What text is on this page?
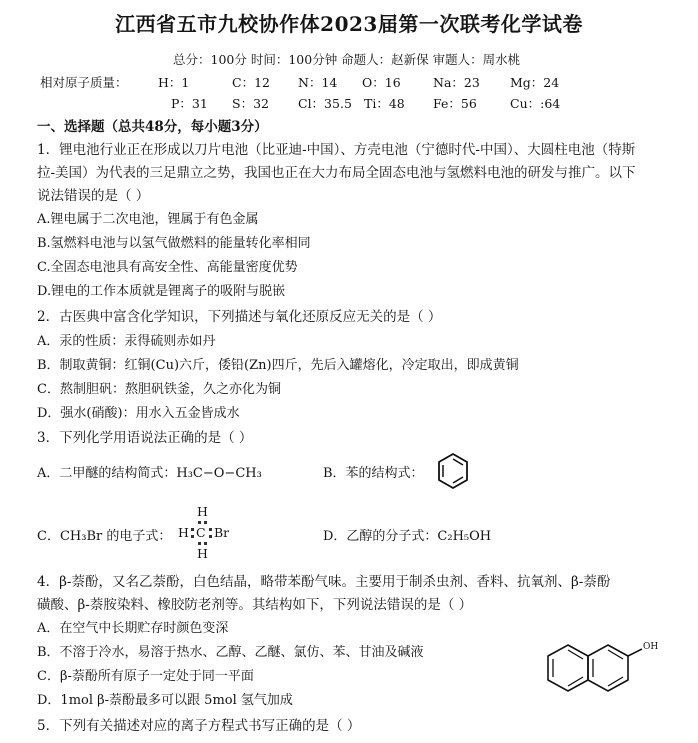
江西省五市九校协作体2023届第一次联考化学试卷
总分：100分 时间：100分钟 命题人：赵新保 审题人：周水桃
相对原子质量： H：1	C：12 N：14 O：16	Na：23 Mg：24
P：31 S：32 Cl：35.5 Ti：48 Fe：56	Cu：:64
一、选择题（总共48分，每小题3分）
1．锂电池行业正在形成以刀片电池（比亚迪-中国）、方壳电池（宁德时代-中国）、大圆柱电池（特斯
拉-美国）为代表的三足鼎立之势，我国也正在大力布局全固态电池与氢燃料电池的研发与推广。以下
说法错误的是（ ）
A.锂电属于二次电池，锂属于有色金属
B.氢燃料电池与以氢气做燃料的能量转化率相同
C.全固态电池具有高安全性、高能量密度优势
D.锂电的工作本质就是锂离子的吸附与脱嵌
2．古医典中富含化学知识，下列描述与氧化还原反应无关的是（ ）
A．汞的性质：汞得硫则赤如丹
B．制取黄铜：红铜(Cu)六斤，倭铅(Zn)四斤，先后入罐熔化，冷定取出，即成黄铜
C．熬制胆矾：熬胆矾铁釜，久之亦化为铜
D．强水(硝酸)：用水入五金皆成水
3．下列化学用语说法正确的是（ ）
A．二甲醚的结构简式：H₃C−O−CH₃	B．苯的结构式：
C．CH₃Br 的电子式：
H
H C Br
H
D．乙醇的分子式：C₂H₅OH
4．β-萘酚，又名乙萘酚，白色结晶，略带苯酚气味。主要用于制杀虫剂、香料、抗氧剂、β-萘酚
磺酸、β-萘胺染料、橡胶防老剂等。其结构如下，下列说法错误的是（ ）
A．在空气中长期贮存时颜色变深
B．不溶于冷水，易溶于热水、乙醇、乙醚、氯仿、苯、甘油及碱液
C．β-萘酚所有原子一定处于同一平面
D．1mol β-萘酚最多可以跟 5mol 氢气加成
OH
5．下列有关描述对应的离子方程式书写正确的是（ ）
